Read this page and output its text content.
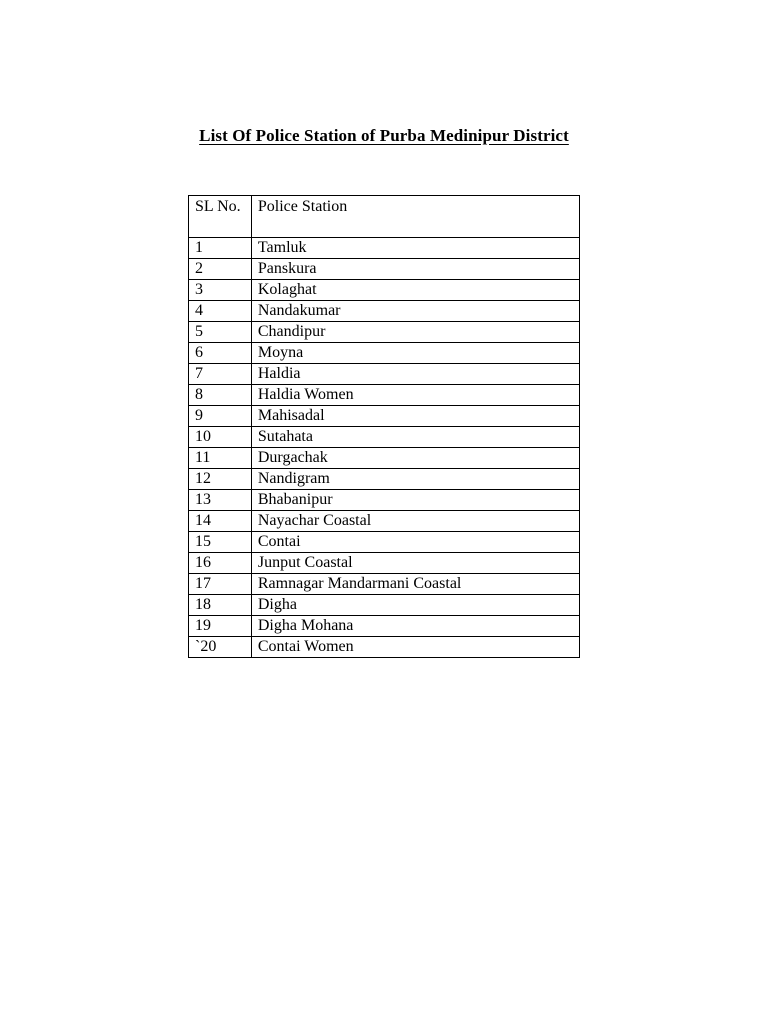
List Of Police Station of Purba Medinipur District
SL No.	Police Station
1	Tamluk
2	Panskura
3	Kolaghat
4	Nandakumar
5	Chandipur
6	Moyna
7	Haldia
8	Haldia Women
9	Mahisadal
10	Sutahata
11	Durgachak
12	Nandigram
13	Bhabanipur
14	Nayachar Coastal
15	Contai
16	Junput Coastal
17	Ramnagar Mandarmani Coastal
18	Digha
19	Digha Mohana
`20	Contai Women
